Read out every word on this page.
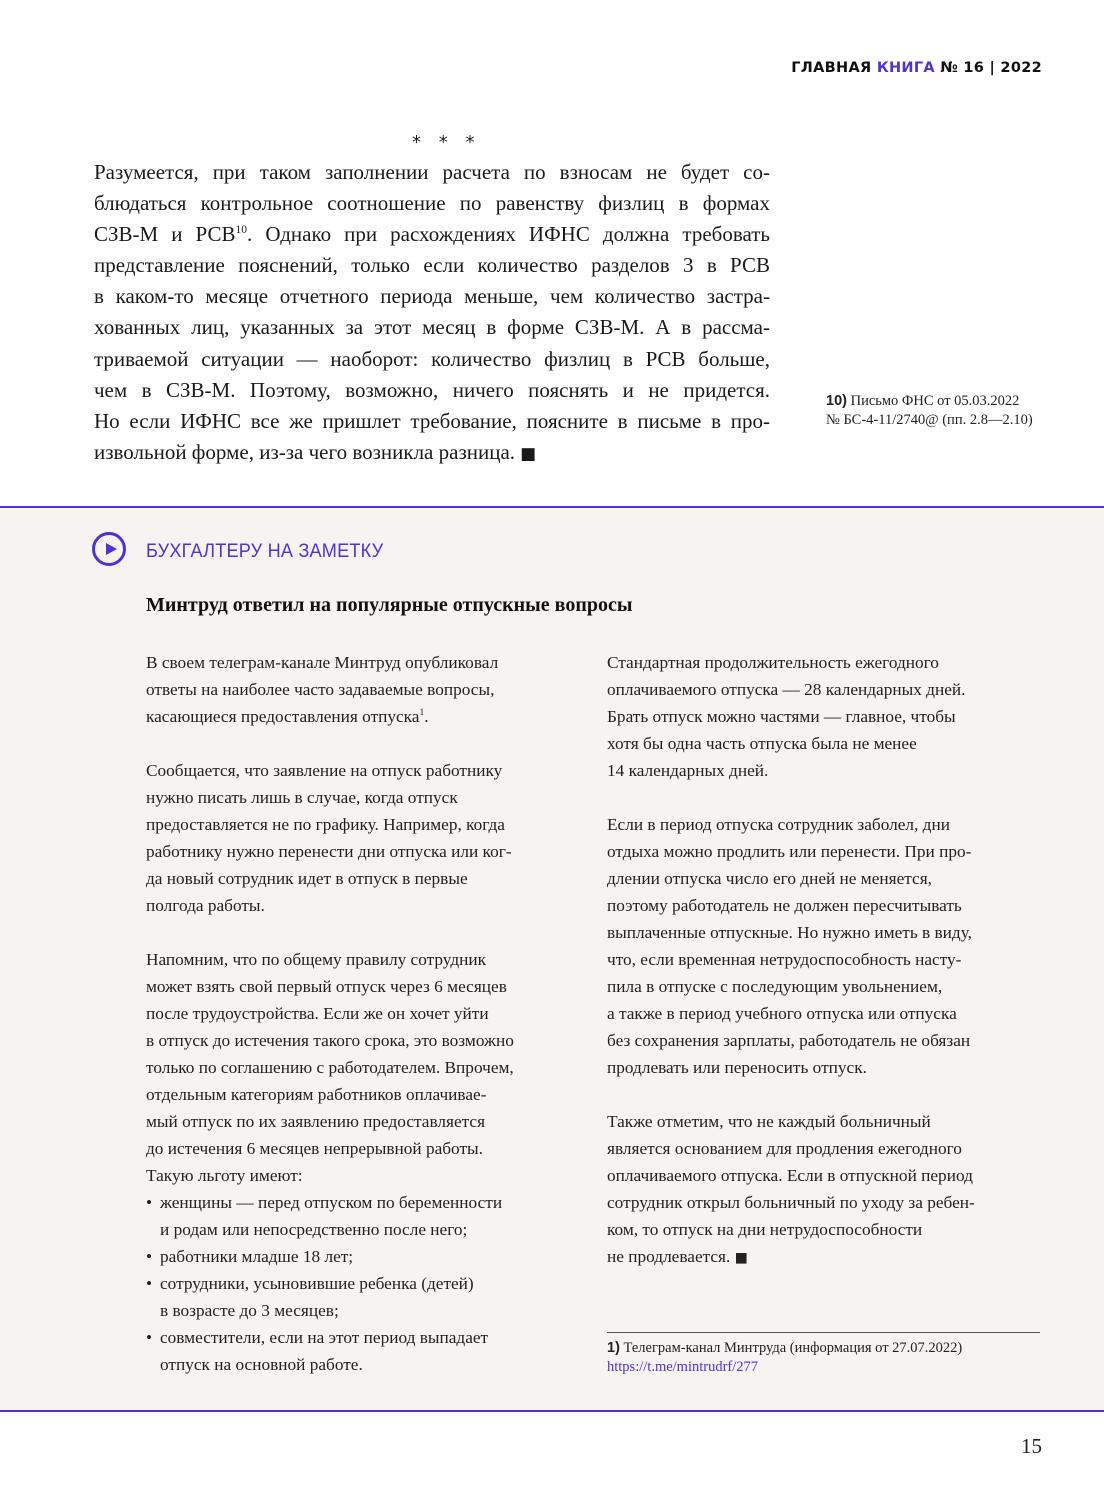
ГЛАВНАЯ КНИГА № 16 | 2022
* * *
Разумеется, при таком заполнении расчета по взносам не будет со-
блюдаться контрольное соотношение по равенству физлиц в формах
СЗВ-М и РСВ$^{10}$. Однако при расхождениях ИФНС должна требовать
представление пояснений, только если количество разделов 3 в РСВ
в каком-то месяце отчетного периода меньше, чем количество застра-
хованных лиц, указанных за этот месяц в форме СЗВ-М. А в рассма-
триваемой ситуации — наоборот: количество физлиц в РСВ больше,
чем в СЗВ-М. Поэтому, возможно, ничего пояснять и не придется.
Но если ИФНС все же пришлет требование, поясните в письме в про-
извольной форме, из-за чего возникла разница. ■
10) Письмо ФНС от 05.03.2022
№ БС-4-11/2740@ (пп. 2.8—2.10)
БУХГАЛТЕРУ НА ЗАМЕТКУ
Минтруд ответил на популярные отпускные вопросы
В своем телеграм-канале Минтруд опубликовал
ответы на наиболее часто задаваемые вопросы,
касающиеся предоставления отпуска$^1$.
Сообщается, что заявление на отпуск работнику
нужно писать лишь в случае, когда отпуск
предоставляется не по графику. Например, когда
работнику нужно перенести дни отпуска или ког-
да новый сотрудник идет в отпуск в первые
полгода работы.
Напомним, что по общему правилу сотрудник
может взять свой первый отпуск через 6 месяцев
после трудоустройства. Если же он хочет уйти
в отпуск до истечения такого срока, это возможно
только по соглашению с работодателем. Впрочем,
отдельным категориям работников оплачивае-
мый отпуск по их заявлению предоставляется
до истечения 6 месяцев непрерывной работы.
Такую льготу имеют:
• женщины — перед отпуском по беременности
и родам или непосредственно после него;
• работники младше 18 лет;
• сотрудники, усыновившие ребенка (детей)
в возрасте до 3 месяцев;
• совместители, если на этот период выпадает
отпуск на основной работе.
Стандартная продолжительность ежегодного
оплачиваемого отпуска — 28 календарных дней.
Брать отпуск можно частями — главное, чтобы
хотя бы одна часть отпуска была не менее
14 календарных дней.
Если в период отпуска сотрудник заболел, дни
отдыха можно продлить или перенести. При про-
длении отпуска число его дней не меняется,
поэтому работодатель не должен пересчитывать
выплаченные отпускные. Но нужно иметь в виду,
что, если временная нетрудоспособность насту-
пила в отпуске с последующим увольнением,
а также в период учебного отпуска или отпуска
без сохранения зарплаты, работодатель не обязан
продлевать или переносить отпуск.
Также отметим, что не каждый больничный
является основанием для продления ежегодного
оплачиваемого отпуска. Если в отпускной период
сотрудник открыл больничный по уходу за ребен-
ком, то отпуск на дни нетрудоспособности
не продлевается. ■
1) Телеграм-канал Минтруда (информация от 27.07.2022)
https://t.me/mintrudrf/277
15
